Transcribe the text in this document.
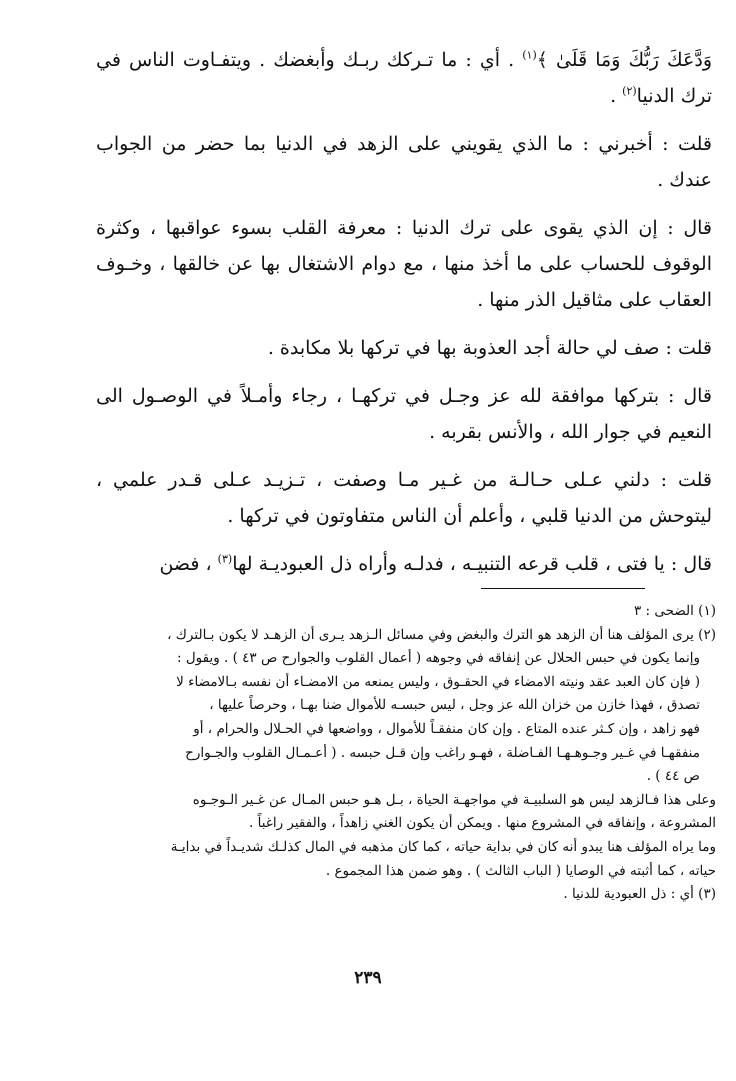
وَدَّعَكَ رَبُّكَ وَمَا قَلَىٰ ﴾$^{(١)}$ . أي : ما تـركك ربـك وأبغضك . ويتفـاوت الناس في ترك الدنيا$^{(٢)}$ .

قلت : أخبرني : ما الذي يقويني على الزهد في الدنيا بما حضر من الجواب عندك .

قال : إن الذي يقوى على ترك الدنيا : معرفة القلب بسوء عواقبها ، وكثرة الوقوف للحساب على ما أخذ منها ، مع دوام الاشتغال بها عن خالقها ، وخـوف العقاب على مثاقيل الذر منها .

قلت : صف لي حالة أجد العذوبة بها في تركها بلا مكابدة .

قال : بتركها موافقة لله عز وجـل في تركهـا ، رجاء وأمـلاً في الوصـول الى النعيم في جوار الله ، والأنس بقربه .

قلت : دلني عـلى حـالـة من غـير مـا وصفت ، تـزيـد عـلى قـدر علمي ، ليتوحش من الدنيا قلبي ، وأعلم أن الناس متفاوتون في تركها .

قال : يا فتى ، قلب قرعه التنبيـه ، فدلـه وأراه ذل العبوديـة لها$^{(٣)}$ ، فضن

(١) الضحى : ٣

(٢) يرى المؤلف هنا أن الزهد هو الترك والبغض وفي مسائل الـزهد يـرى أن الزهـد لا يكون بـالترك ،

وإنما يكون في حبس الحلال عن إنفاقه في وجوهه ( أعمال القلوب والجوارح ص ٤٣ ) . ويقول :

( فإن كان العبد عقد ونيته الامضاء في الحقـوق ، وليس يمنعه من الامضـاء أن نفسه بـالامضاء لا

تصدق ، فهذا خازن من خزان الله عز وجل ، ليس حبسـه للأموال ضنا بهـا ، وحرصاً عليها ،

فهو زاهد ، وإن كـثر عنده المتاع . وإن كان منفقـاً للأموال ، وواضعها في الحـلال والحرام ، أو

منفقهـا في غـير وجـوهـهـا الفـاضلة ، فهـو راغب وإن قـل حبسه . ( أعـمـال القلوب والجـوارح

ص ٤٤ ) .

وعلى هذا فـالزهد ليس هو السلبيـة في مواجهـة الحياة ، بـل هـو حبس المـال عن غـير الـوجـوه

المشروعة ، وإنفاقه في المشروع منها . ويمكن أن يكون الغني زاهداً ، والفقير راغباً .

وما يراه المؤلف هنا يبدو أنه كان في بداية حياته ، كما كان مذهبه في المال كذلـك شديـداً في بدايـة

حياته ، كما أثبته في الوصايا ( الباب الثالث ) . وهو ضمن هذا المجموع .

(٣) أي : ذل العبودية للدنيا .

٢٣٩
